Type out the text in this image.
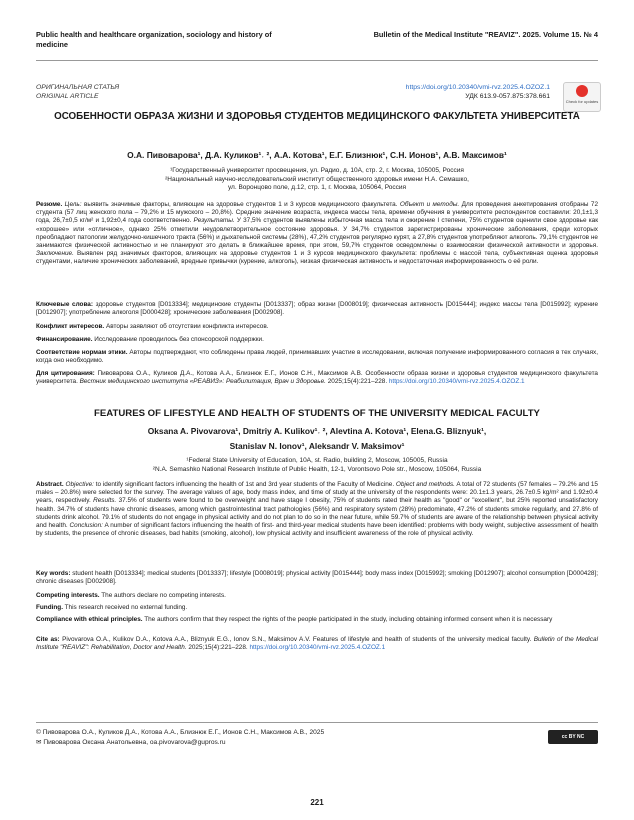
Public health and healthcare organization, sociology and history of medicine
Bulletin of the Medical Institute "REAVIZ". 2025. Volume 15. № 4
ОРИГИНАЛЬНАЯ СТАТЬЯ
ORIGINAL ARTICLE
https://doi.org/10.20340/vmi-rvz.2025.4.OZOZ.1
УДК 613.9-057.875:378.661
Check for updates
ОСОБЕННОСТИ ОБРАЗА ЖИЗНИ И ЗДОРОВЬЯ СТУДЕНТОВ МЕДИЦИНСКОГО ФАКУЛЬТЕТА УНИВЕРСИТЕТА
О.А. Пивоварова¹, Д.А. Куликов¹˒ ², А.А. Котова¹, Е.Г. Близнюк¹, С.Н. Ионов¹, А.В. Максимов¹
¹Государственный университет просвещения, ул. Радио, д. 10А, стр. 2, г. Москва, 105005, Россия
²Национальный научно-исследовательский институт общественного здоровья имени Н.А. Семашко,
ул. Воронцово поле, д.12, стр. 1, г. Москва, 105064, Россия
Резюме. Цель: выявить значимые факторы, влияющие на здоровье студентов 1 и 3 курсов медицинского факультета. Объект и методы. Для проведения анкетирования отобраны 72 студента (57 лиц женского пола – 79,2% и 15 мужского – 20,8%). Средние значение возраста, индекса массы тела, времени обучения в университете респондентов составили: 20,1±1,3 года, 26,7±0,5 кг/м² и 1,92±0,4 года соответственно. Результаты. У 37,5% студентов выявлены избыточная масса тела и ожирение I степени, 75% студентов оценили свое здоровье как «хорошее» или «отличное», однако 25% отметили неудовлетворительное состояние здоровья. У 34,7% студентов зарегистрированы хронические заболевания, среди которых преобладают патологии желудочно-кишечного тракта (56%) и дыхательной системы (28%), 47,2% студентов регулярно курят, а 27,8% студентов употребляют алкоголь. 79,1% студентов не занимаются физической активностью и не планируют это делать в ближайшее время, при этом, 59,7% студентов осведомлены о взаимосвязи физической активности и здоровья. Заключение. Выявлен ряд значимых факторов, влияющих на здоровье студентов 1 и 3 курсов медицинского факультета: проблемы с массой тела, субъективная оценка здоровья студентами, наличие хронических заболеваний, вредные привычки (курение, алкоголь), низкая физическая активность и недостаточная информированность о её роли.
Ключевые слова: здоровье студентов [D013334]; медицинские студенты [D013337]; образ жизни [D008019]; физическая активность [D015444]; индекс массы тела [D015992]; курение [D012907]; употребление алкоголя [D000428]; хронические заболевания [D002908].
Конфликт интересов. Авторы заявляют об отсутствии конфликта интересов.
Финансирование. Исследование проводилось без спонсорской поддержки.
Соответствие нормам этики. Авторы подтверждают, что соблюдены права людей, принимавших участие в исследовании, включая получение информированного согласия в тех случаях, когда оно необходимо.
Для цитирования: Пивоварова О.А., Куликов Д.А., Котова А.А., Близнюк Е.Г., Ионов С.Н., Максимов А.В. Особенности образа жизни и здоровья студентов медицинского факультета университета. Вестник медицинского института «РЕАВИЗ»: Реабилитация, Врач и Здоровье. 2025;15(4):221–228. https://doi.org/10.20340/vmi-rvz.2025.4.OZOZ.1
FEATURES OF LIFESTYLE AND HEALTH OF STUDENTS OF THE UNIVERSITY MEDICAL FACULTY
Oksana A. Pivovarova¹, Dmitriy A. Kulikov¹˒ ², Alevtina A. Kotova¹, Elena.G. Bliznyuk¹,
Stanislav N. Ionov¹, Aleksandr V. Maksimov¹
¹Federal State University of Education, 10A, st. Radio, building 2, Moscow, 105005, Russia
²N.A. Semashko National Research Institute of Public Health, 12-1, Vorontsovo Pole str., Moscow, 105064, Russia
Abstract. Objective: to identify significant factors influencing the health of 1st and 3rd year students of the Faculty of Medicine. Object and methods. A total of 72 students (57 females – 79.2% and 15 males – 20.8%) were selected for the survey. The average values of age, body mass index, and time of study at the university of the respondents were: 20.1±1.3 years, 26.7±0.5 kg/m² and 1.92±0.4 years, respectively. Results. 37.5% of students were found to be overweight and have stage I obesity, 75% of students rated their health as "good" or "excellent", but 25% reported unsatisfactory health. 34.7% of students have chronic diseases, among which gastrointestinal tract pathologies (56%) and respiratory system (28%) predominate, 47.2% of students smoke regularly, and 27.8% of students drink alcohol. 79.1% of students do not engage in physical activity and do not plan to do so in the near future, while 59.7% of students are aware of the relationship between physical activity and health. Conclusion: A number of significant factors influencing the health of first- and third-year medical students have been identified: problems with body weight, subjective assessment of health by students, the presence of chronic diseases, bad habits (smoking, alcohol), low physical activity and insufficient awareness of the role of physical activity.
Key words: student health [D013334]; medical students [D013337]; lifestyle [D008019]; physical activity [D015444]; body mass index [D015992]; smoking [D012907]; alcohol consumption [D000428]; chronic diseases [D002908].
Competing interests. The authors declare no competing interests.
Funding. This research received no external funding.
Compliance with ethical principles. The authors confirm that they respect the rights of the people participated in the study, including obtaining informed consent when it is necessary
Cite as: Pivovarova O.A., Kulikov D.A., Kotova A.A., Bliznyuk E.G., Ionov S.N., Maksimov A.V. Features of lifestyle and health of students of the university medical faculty. Bulletin of the Medical Institute "REAVIZ": Rehabilitation, Doctor and Health. 2025;15(4):221–228. https://doi.org/10.20340/vmi-rvz.2025.4.OZOZ.1
© Пивоварова О.А., Куликов Д.А., Котова А.А., Близнюк Е.Г., Ионов С.Н., Максимов А.В., 2025
✉ Пивоварова Оксана Анатольевна, oa.pivovarova@gupros.ru
cc BY NC
221
